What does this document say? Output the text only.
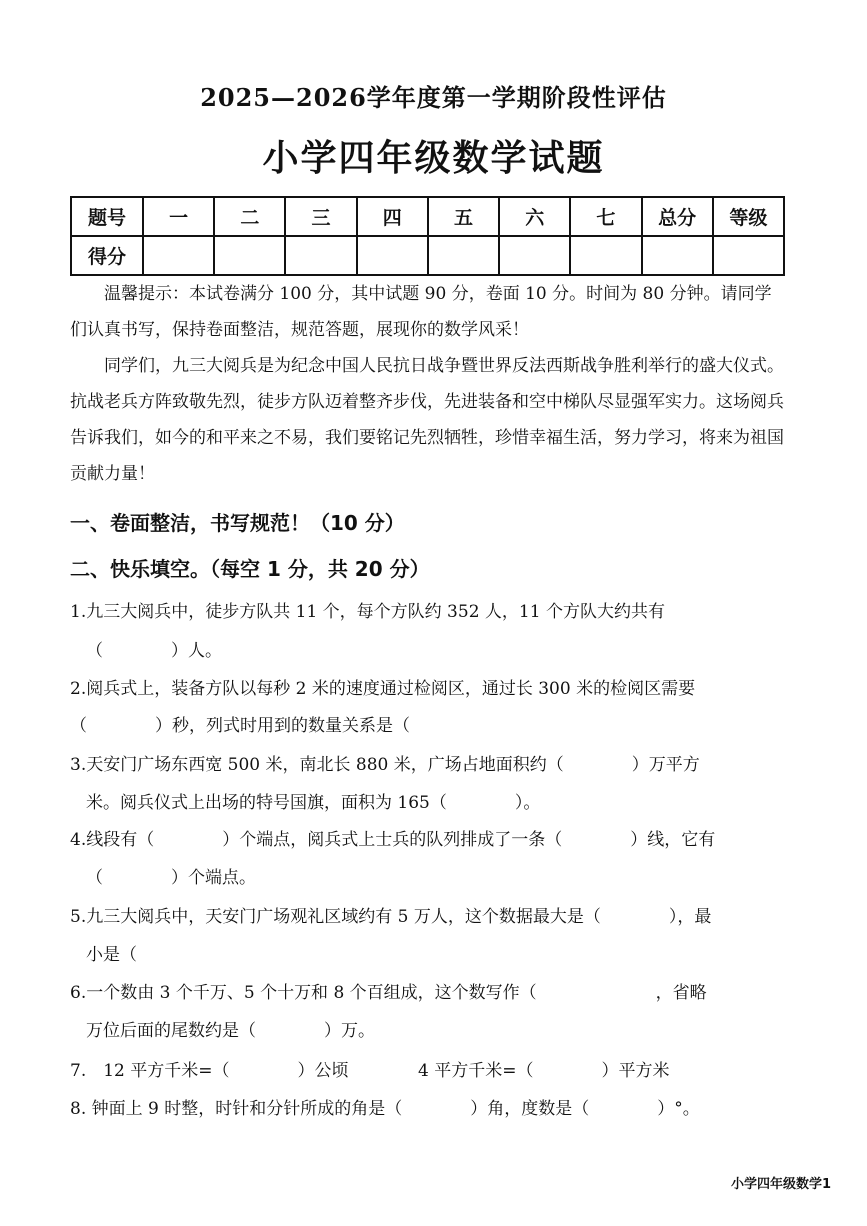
2025—2026学年度第一学期阶段性评估
小学四年级数学试题
题号	一	二	三	四	五	六	七	总分	等级
得分									
温馨提示：本试卷满分 100 分，其中试题 90 分，卷面 10 分。时间为 80 分钟。请同学们认真书写，保持卷面整洁，规范答题，展现你的数学风采！
同学们，九三大阅兵是为纪念中国人民抗日战争暨世界反法西斯战争胜利举行的盛大仪式。抗战老兵方阵致敬先烈，徒步方队迈着整齐步伐，先进装备和空中梯队尽显强军实力。这场阅兵告诉我们，如今的和平来之不易，我们要铭记先烈牺牲，珍惜幸福生活，努力学习，将来为祖国贡献力量！
一、卷面整洁，书写规范！（10 分）
二、快乐填空。（每空 1 分，共 20 分）
1.九三大阅兵中，徒步方队共 11 个，每个方队约 352 人，11 个方队大约共有
（　　　　）人。
2.阅兵式上，装备方队以每秒 2 米的速度通过检阅区，通过长 300 米的检阅区需要
（　　　　）秒，列式时用到的数量关系是（
3.天安门广场东西宽 500 米，南北长 880 米，广场占地面积约（　　　　）万平方
米。阅兵仪式上出场的特号国旗，面积为 165（　　　　）。
4.线段有（　　　　）个端点，阅兵式上士兵的队列排成了一条（　　　　）线，它有
（　　　　）个端点。
5.九三大阅兵中，天安门广场观礼区域约有 5 万人，这个数据最大是（　　　　），最
小是（
6.一个数由 3 个千万、5 个十万和 8 个百组成，这个数写作（　　　　　　　，省略
万位后面的尾数约是（　　　　）万。
7.　12 平方千米=（　　　　）公顷	4 平方千米=（　　　　）平方米
8. 钟面上 9 时整，时针和分针所成的角是（　　　　）角，度数是（　　　　）°。
小学四年级数学1
